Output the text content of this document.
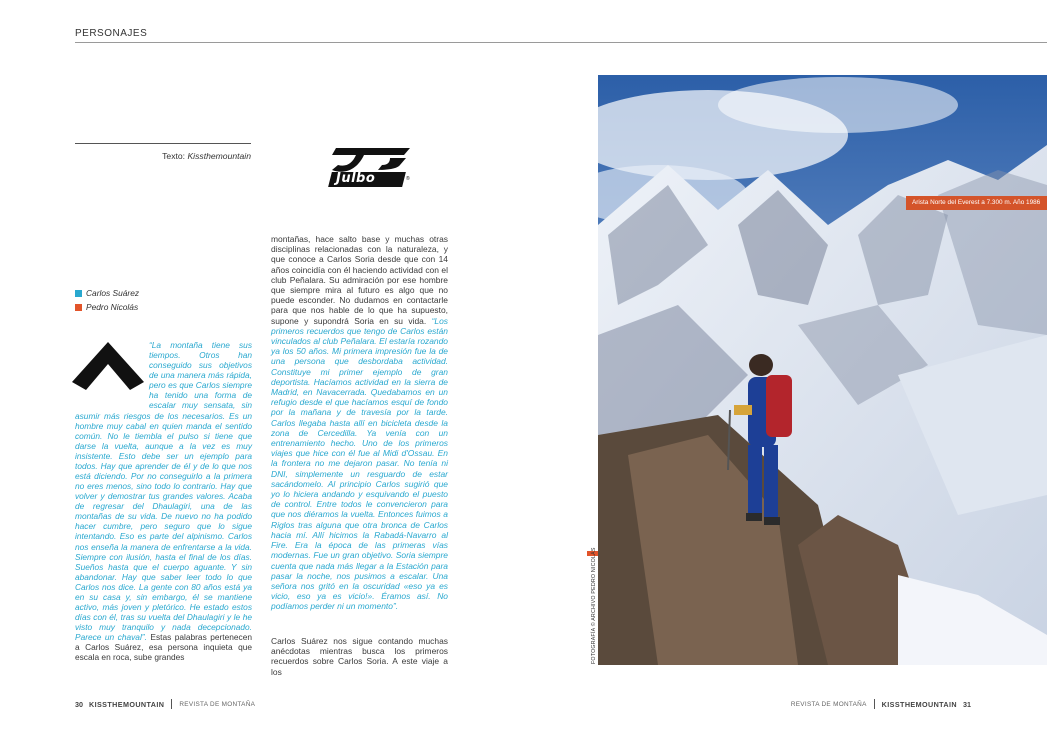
PERSONAJES
Texto: Kissthemountain
Julbo	®
Carlos Suárez
Pedro Nicolás
“La montaña tiene sus tiempos. Otros han conseguido sus objetivos de una manera más rápida, pero es que Carlos siempre ha tenido una forma de escalar muy sensata, sin asumir más riesgos de los necesarios. Es un hombre muy cabal en quien manda el sentido común. No le tiembla el pulso si tiene que darse la vuelta, aunque a la vez es muy insistente. Esto debe ser un ejemplo para todos. Hay que aprender de él y de lo que nos está diciendo. Por no conseguirlo a la primera no eres menos, sino todo lo contrario. Hay que volver y demostrar tus grandes valores. Acaba de regresar del Dhaulagiri, una de las montañas de su vida. De nuevo no ha podido hacer cumbre, pero seguro que lo sigue intentando. Eso es parte del alpinismo. Carlos nos enseña la manera de enfrentarse a la vida. Siempre con ilusión, hasta el final de los días. Sueños hasta que el cuerpo aguante. Y sin abandonar. Hay que saber leer todo lo que Carlos nos dice. La gente con 80 años está ya en su casa y, sin embargo, él se mantiene activo, más joven y pletórico. He estado estos días con él, tras su vuelta del Dhaulagiri y le he visto muy tranquilo y nada decepcionado. Parece un chaval”. Estas palabras pertenecen a Carlos Suárez, esa persona inquieta que escala en roca, sube grandes
montañas, hace salto base y muchas otras disciplinas relacionadas con la naturaleza, y que conoce a Carlos Soria desde que con 14 años coincidía con él haciendo actividad con el club Peñalara. Su admiración por ese hombre que siempre mira al futuro es algo que no puede esconder. No dudamos en contactarle para que nos hable de lo que ha supuesto, supone y supondrá Soria en su vida. “Los primeros recuerdos que tengo de Carlos están vinculados al club Peñalara. El estaría rozando ya los 50 años. Mi primera impresión fue la de una persona que desbordaba actividad. Constituye mi primer ejemplo de gran deportista. Hacíamos actividad en la sierra de Madrid, en Navacerrada. Quedabamos en un refugio desde el que hacíamos esquí de fondo por la mañana y de travesía por la tarde. Carlos llegaba hasta allí en bicicleta desde la zona de Cercedilla. Ya venía con un entrenamiento hecho. Uno de los primeros viajes que hice con él fue al Midi d'Ossau. En la frontera no me dejaron pasar. No tenía ni DNI, simplemente un resguardo de estar sacándomelo. Al principio Carlos sugirió que yo lo hiciera andando y esquivando el puesto de control. Entre todos le convencieron para que nos diéramos la vuelta. Entonces fuimos a Riglos tras alguna que otra bronca de Carlos hacia mí. Allí hicimos la Rabadá-Navarro al Fire. Era la época de las primeras vías modernas. Fue un gran objetivo. Soria siempre cuenta que nada más llegar a la Estación para pasar la noche, nos pusimos a escalar. Una señora nos gritó en la oscuridad «eso ya es vicio, eso ya es vicio!». Éramos así. No podíamos perder ni un momento”.
Carlos Suárez nos sigue contando muchas anécdotas mientras busca los primeros recuerdos sobre Carlos Soria. A este viaje a los
Arista Norte del Everest a 7.300 m. Año 1986
FOTOGRAFÍA © ARCHIVO PEDRO NICOLÁS
30 KISSTHEMOUNTAIN REVISTA DE MONTAÑA	REVISTA DE MONTAÑA KISSTHEMOUNTAIN 31
